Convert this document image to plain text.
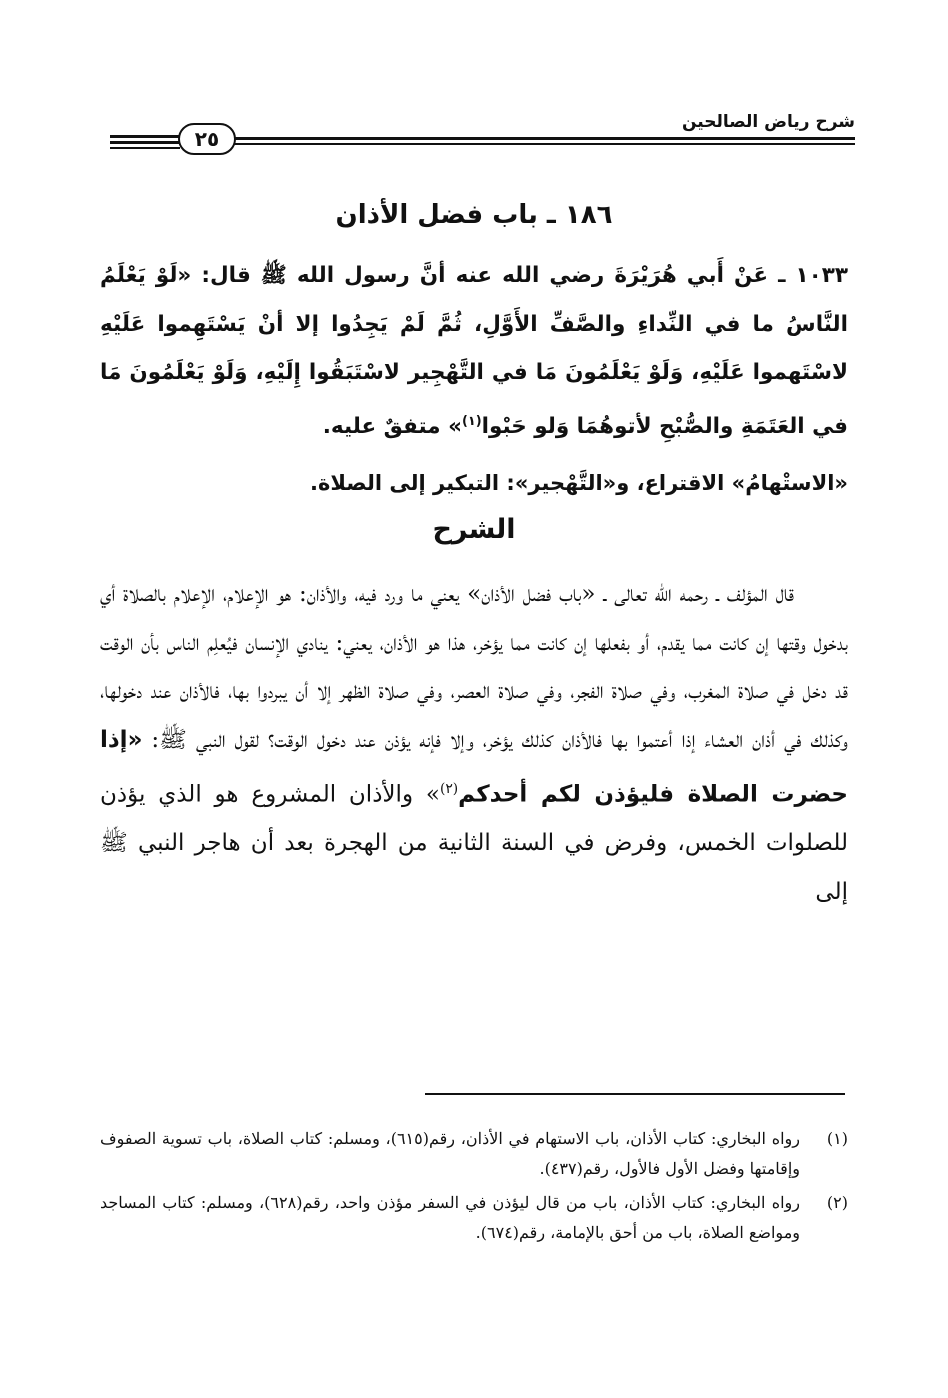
٢٥
شرح رياض الصالحين
١٨٦ ـ باب فضل الأذان
١٠٣٣ ـ عَنْ أَبي هُرَيْرَةَ رضي الله عنه أنَّ رسول الله ﷺ قال: «لَوْ يَعْلَمُ النَّاسُ ما في النِّداءِ والصَّفِّ الأَوَّلِ، ثُمَّ لَمْ يَجِدُوا إلا أنْ يَسْتَهِموا عَلَيْهِ لاسْتَهموا عَلَيْهِ، وَلَوْ يَعْلَمُونَ مَا في التَّهْجِير لاسْتَبَقُوا إِلَيْهِ، وَلَوْ يَعْلَمُونَ مَا في العَتَمَةِ والصُّبْحِ لأتوهُمَا وَلو حَبْوا$^{(١)}$» متفقٌ عليه.
«الاستْهامُ» الاقتراع، و«التَّهْجير»: التبكير إلى الصلاة.
الشرح

قال المؤلف ـ رحمه الله تعالى ـ «باب فضل الأذان» يعني ما ورد فيه، والأذان: هو الإعلام، الإعلام بالصلاة أي بدخول وقتها إن كانت مما يقدم، أو بفعلها إن كانت مما يؤخر، هذا هو الأذان، يعني: ينادي الإنسان فيُعلِم الناس بأن الوقت قد دخل في صلاة المغرب، وفي صلاة الفجر، وفي صلاة العصر، وفي صلاة الظهر إلا أن يبردوا بها، فالأذان عند دخولها، وكذلك في أذان العشاء إذا أعتموا بها فالأذان كذلك يؤخر، وإلا فإنه يؤذن عند دخول الوقت؟ لقول النبي ﷺ: «إذا حضرت الصلاة فليؤذن لكم أحدكم$^{(٢)}$» والأذان المشروع هو الذي يؤذن للصلوات الخمس، وفرض في السنة الثانية من الهجرة بعد أن هاجر النبي ﷺ إلى

(١)
رواه البخاري: كتاب الأذان، باب الاستهام في الأذان، رقم(٦١٥)، ومسلم: كتاب الصلاة، باب تسوية الصفوف وإقامتها وفضل الأول فالأول، رقم(٤٣٧).
(٢)
رواه البخاري: كتاب الأذان، باب من قال ليؤذن في السفر مؤذن واحد، رقم(٦٢٨)، ومسلم: كتاب المساجد ومواضع الصلاة، باب من أحق بالإمامة، رقم(٦٧٤).
